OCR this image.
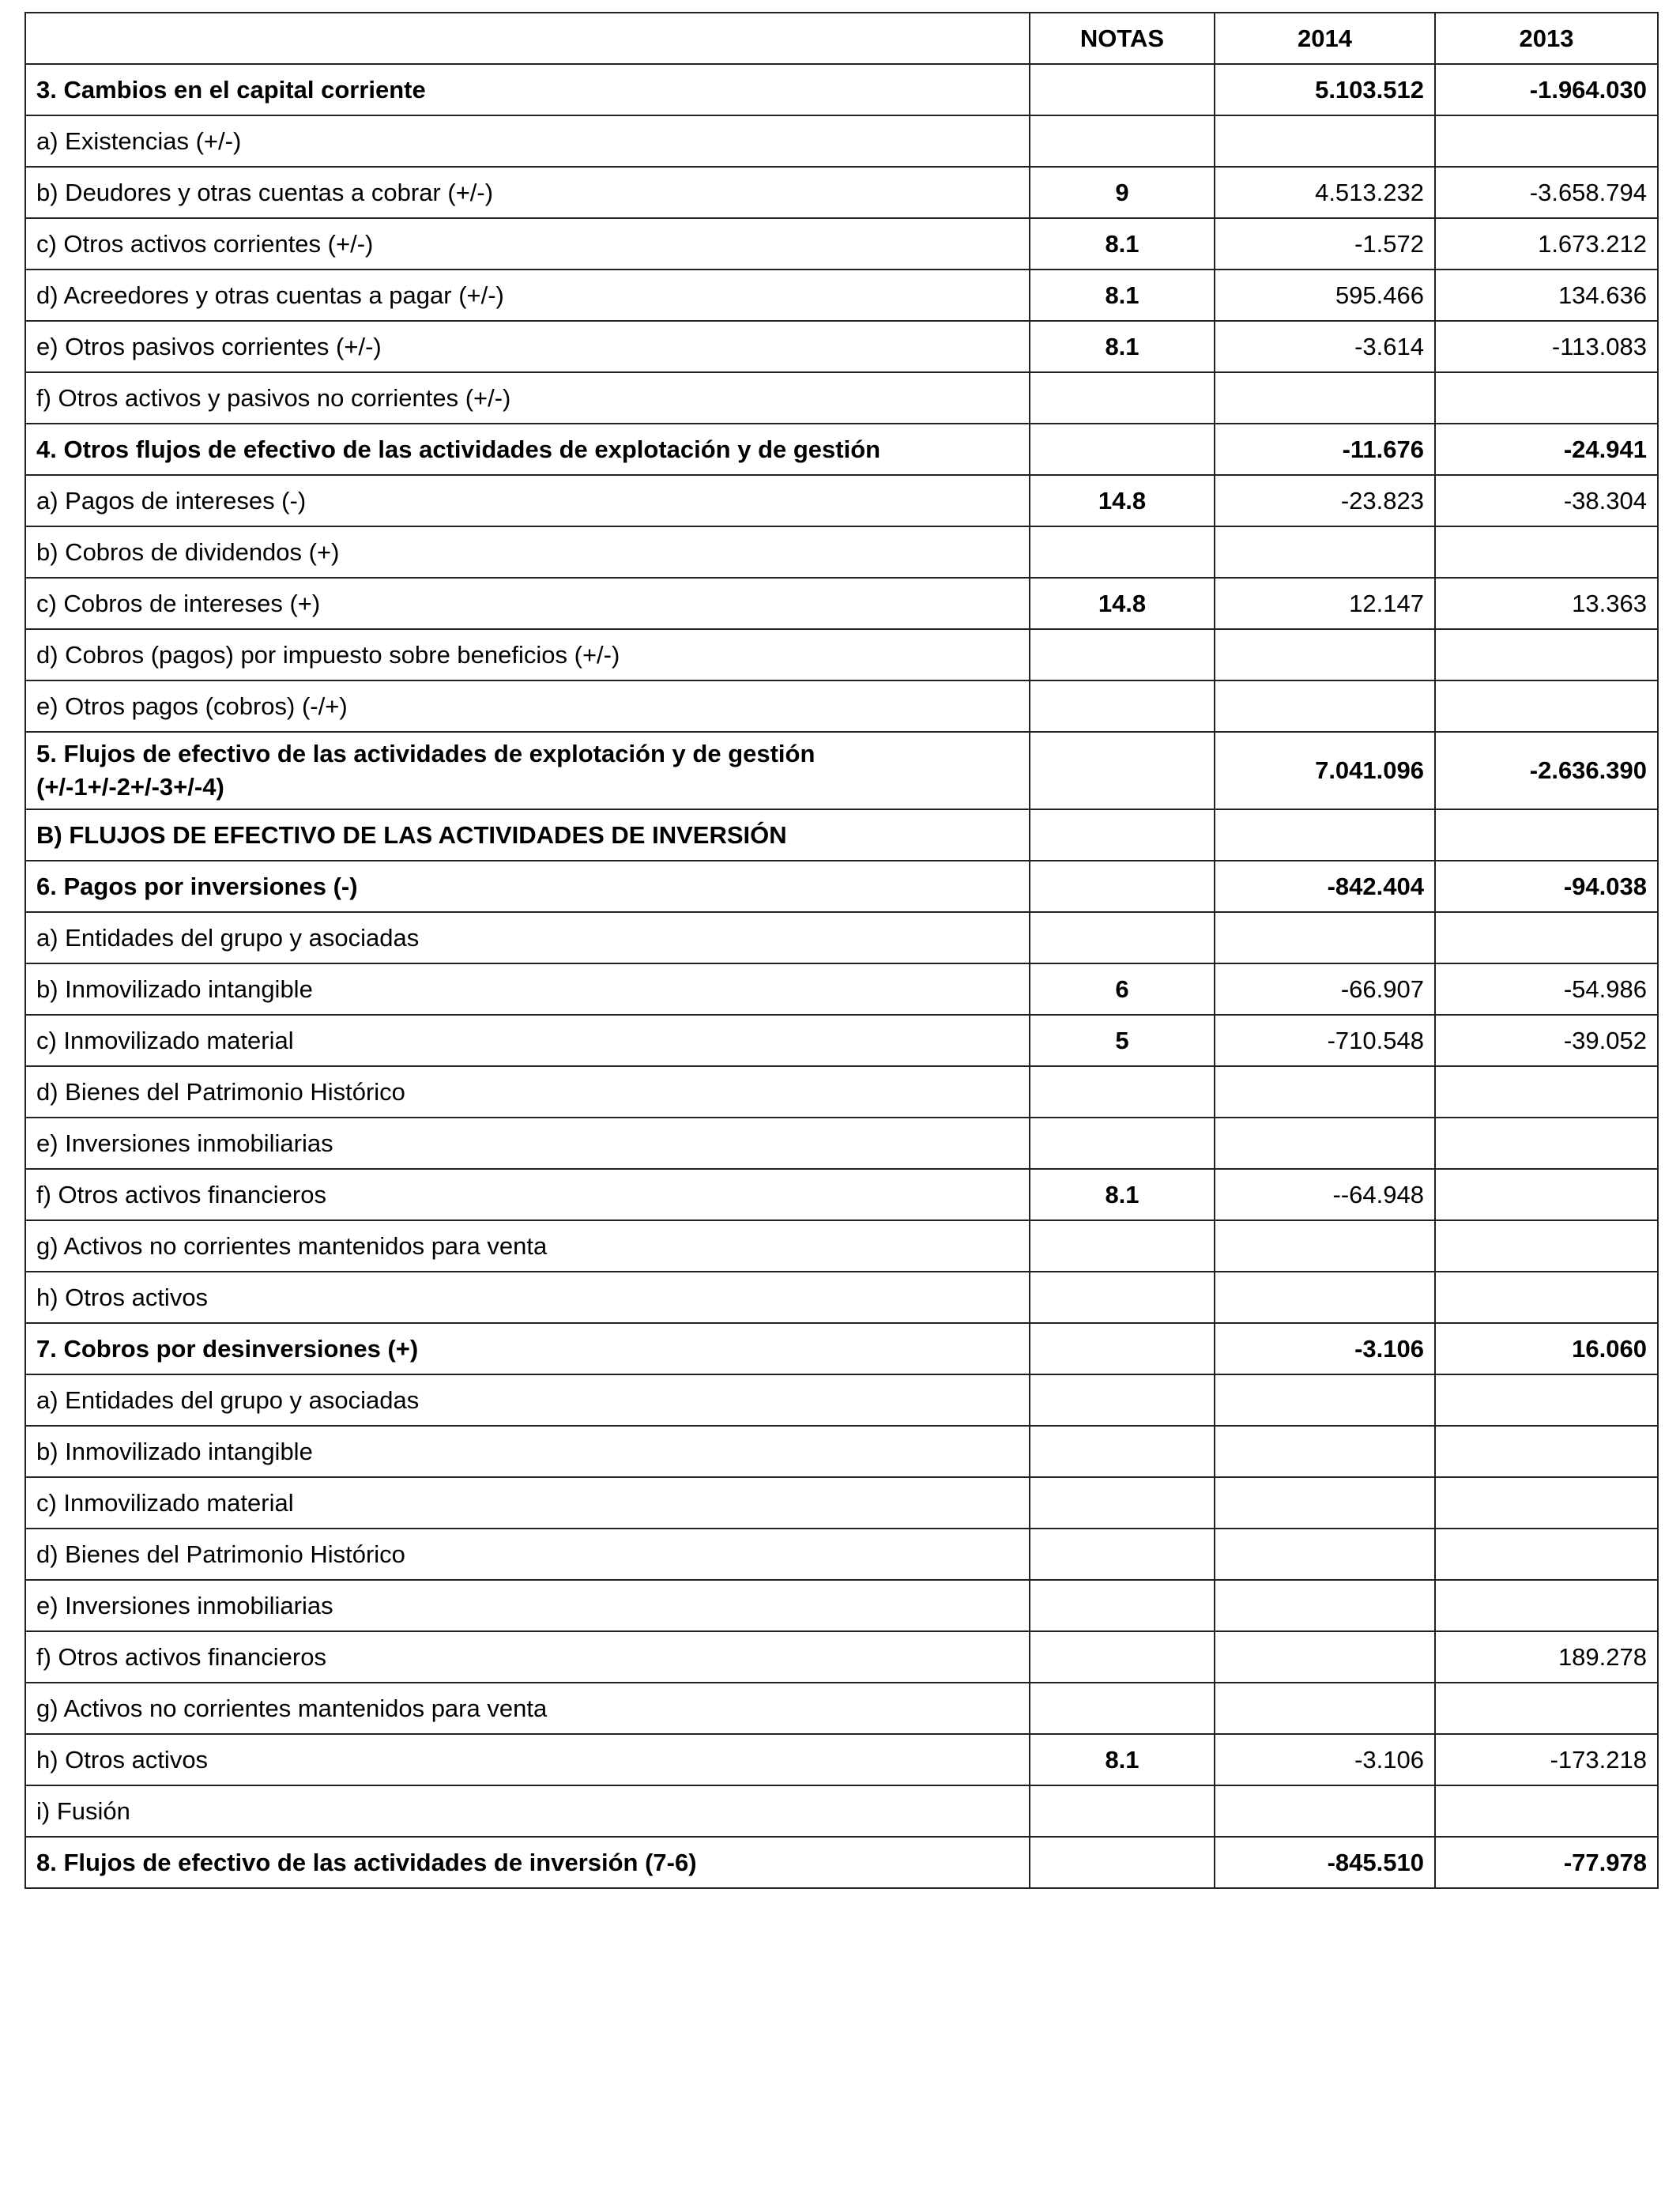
	NOTAS	2014	2013
3. Cambios en el capital corriente		5.103.512	-1.964.030
a) Existencias (+/-)			
b) Deudores y otras cuentas a cobrar (+/-)	9	4.513.232	-3.658.794
c) Otros activos corrientes (+/-)	8.1	-1.572	1.673.212
d) Acreedores y otras cuentas a pagar (+/-)	8.1	595.466	134.636
e) Otros pasivos corrientes (+/-)	8.1	-3.614	-113.083
f) Otros activos y pasivos no corrientes (+/-)			
4. Otros flujos de efectivo de las actividades de explotación y de gestión		-11.676	-24.941
a) Pagos de intereses (-)	14.8	-23.823	-38.304
b) Cobros de dividendos (+)			
c) Cobros de intereses (+)	14.8	12.147	13.363
d) Cobros (pagos) por impuesto sobre beneficios (+/-)			
e) Otros pagos (cobros) (-/+)			

5. Flujos de efectivo de las actividades de explotación y de gestión
(+/-1+/-2+/-3+/-4)		7.041.096	-2.636.390
B) FLUJOS DE EFECTIVO DE LAS ACTIVIDADES DE INVERSIÓN			
6. Pagos por inversiones (-)		-842.404	-94.038
a) Entidades del grupo y asociadas			
b) Inmovilizado intangible	6	-66.907	-54.986
c) Inmovilizado material	5	-710.548	-39.052
d) Bienes del Patrimonio Histórico			
e) Inversiones inmobiliarias			
f) Otros activos financieros	8.1	--64.948	
g) Activos no corrientes mantenidos para venta			
h) Otros activos			
7. Cobros por desinversiones (+)		-3.106	16.060
a) Entidades del grupo y asociadas			
b) Inmovilizado intangible			
c) Inmovilizado material			
d) Bienes del Patrimonio Histórico			
e) Inversiones inmobiliarias			
f) Otros activos financieros			189.278
g) Activos no corrientes mantenidos para venta			
h) Otros activos	8.1	-3.106	-173.218
i) Fusión			
8. Flujos de efectivo de las actividades de inversión (7-6)		-845.510	-77.978
